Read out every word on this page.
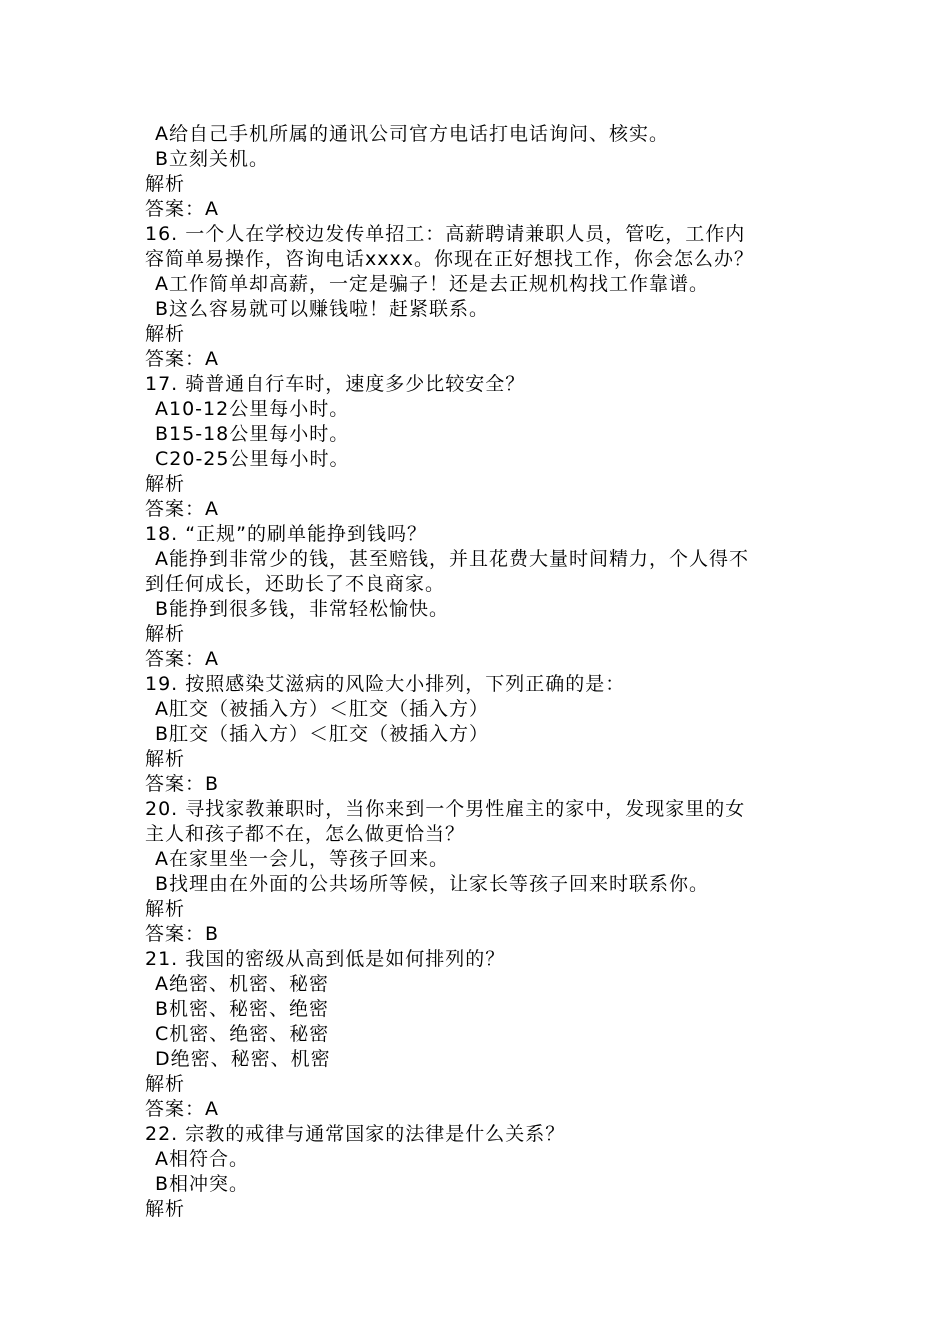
A给自己手机所属的通讯公司官方电话打电话询问、核实。
B立刻关机。
解析
答案：A
16. 一个人在学校边发传单招工：高薪聘请兼职人员，管吃，工作内
容简单易操作，咨询电话xxxx。你现在正好想找工作，你会怎么办？
A工作简单却高薪，一定是骗子！还是去正规机构找工作靠谱。
B这么容易就可以赚钱啦！赶紧联系。
解析
答案：A
17. 骑普通自行车时，速度多少比较安全？
A10-12公里每小时。
B15-18公里每小时。
C20-25公里每小时。
解析
答案：A
18. “正规”的刷单能挣到钱吗？
A能挣到非常少的钱，甚至赔钱，并且花费大量时间精力，个人得不
到任何成长，还助长了不良商家。
B能挣到很多钱，非常轻松愉快。
解析
答案：A
19. 按照感染艾滋病的风险大小排列，下列正确的是：
A肛交（被插入方）＜肛交（插入方）
B肛交（插入方）＜肛交（被插入方）
解析
答案：B
20. 寻找家教兼职时，当你来到一个男性雇主的家中，发现家里的女
主人和孩子都不在，怎么做更恰当？
A在家里坐一会儿，等孩子回来。
B找理由在外面的公共场所等候，让家长等孩子回来时联系你。
解析
答案：B
21. 我国的密级从高到低是如何排列的？
A绝密、机密、秘密
B机密、秘密、绝密
C机密、绝密、秘密
D绝密、秘密、机密
解析
答案：A
22. 宗教的戒律与通常国家的法律是什么关系？
A相符合。
B相冲突。
解析
